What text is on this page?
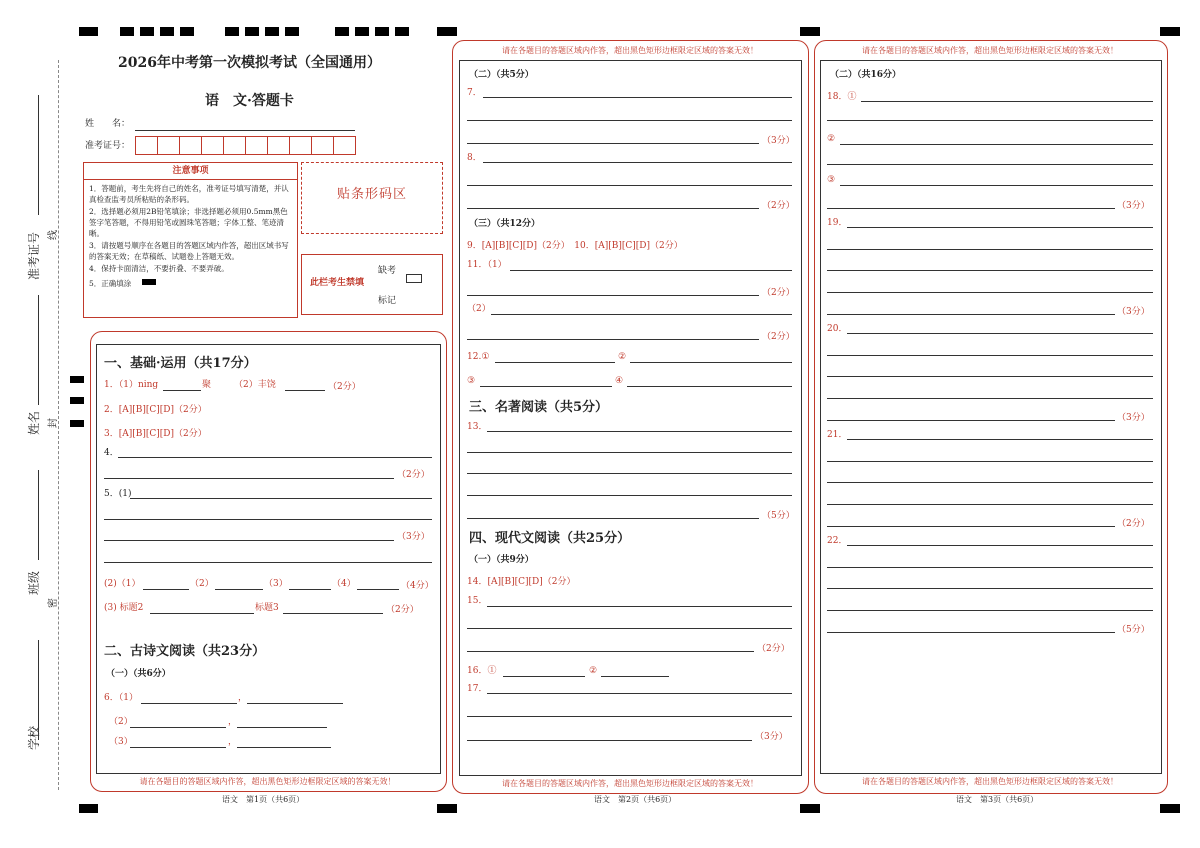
学校
班级
姓名
准考证号
密
封
线
2026年中考第一次模拟考试（全国通用）
语　文·答题卡
姓　　名：
准考证号：
注意事项
1．答题前，考生先将自己的姓名，准考证号填写清楚，并认真检查监考员所粘贴的条形码。
2．选择题必须用2B铅笔填涂；非选择题必须用0.5mm黑色签字笔答题，不得用铅笔或圆珠笔答题；字体工整、笔迹清晰。
3．请按题号顺序在各题目的答题区域内作答，超出区域书写的答案无效；在草稿纸、试题卷上答题无效。
4．保持卡面清洁，不要折叠、不要弄破。
5．正确填涂
贴条形码区
此栏考生禁填
缺考
标记
请在各题目的答题区域内作答，超出黑色矩形边框限定区域的答案无效！
语文　第1页（共6页）
一、基础·运用（共17分）
1．（1）ning	聚	（2）丰饶	（2分）
2．[A][B][C][D]（2分）
3．[A][B][C][D]（2分）
4．
（2分）
5．(1)
（3分）
(2)（1）	（2）	（3）	（4）	（4分）
(3) 标题2	标题3	（2分）
二、古诗文阅读（共23分）
（一）（共6分）
6．（1）	，
（2）	，
（3）	，
请在各题目的答题区域内作答，超出黑色矩形边框限定区域的答案无效！
请在各题目的答题区域内作答，超出黑色矩形边框限定区域的答案无效！
语文　第2页（共6页）
（二）（共5分）
7．
（3分）
8．
（2分）
（三）（共12分）
9．[A][B][C][D]（2分）　10．[A][B][C][D]（2分）
11．（1）
（2分）
（2）
（2分）
12.①	②
③	④
三、名著阅读（共5分）
13．
（5分）
四、现代文阅读（共25分）
（一）（共9分）
14．[A][B][C][D]（2分）
15．
（2分）
16．①	②
17．
（3分）
请在各题目的答题区域内作答，超出黑色矩形边框限定区域的答案无效！
请在各题目的答题区域内作答，超出黑色矩形边框限定区域的答案无效！
语文　第3页（共6页）
（二）（共16分）
18．①
②
③
（3分）
19．
（3分）
20．
（3分）
21．
（2分）
22．
（5分）
